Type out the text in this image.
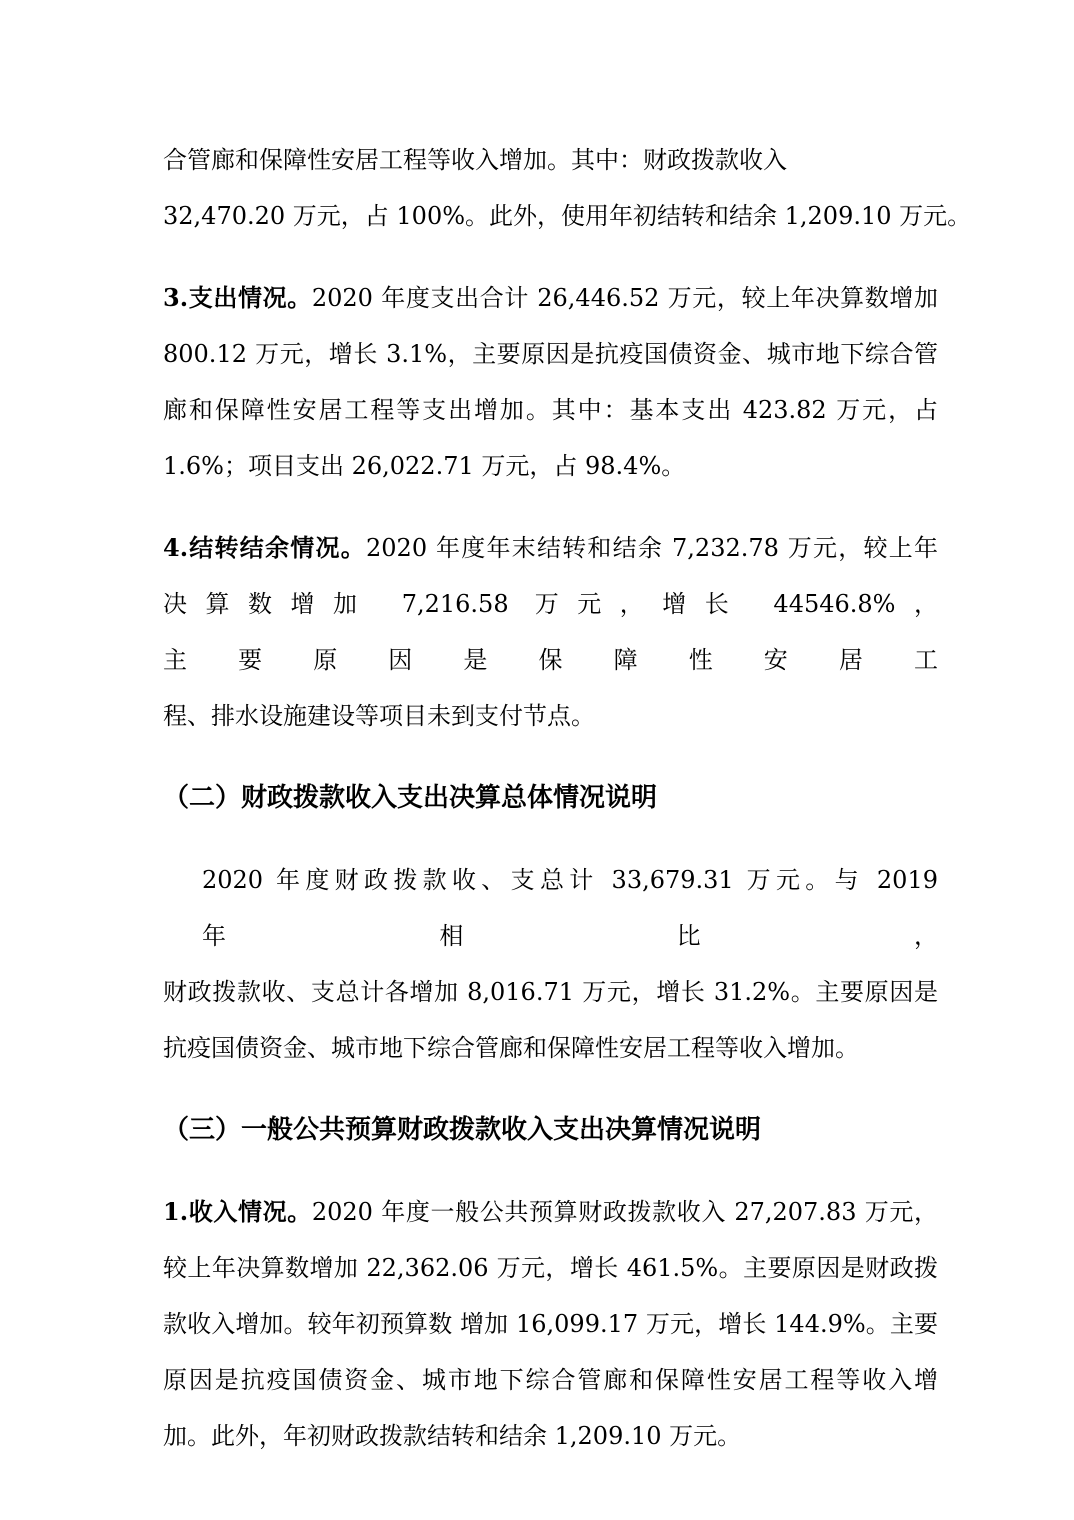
合管廊和保障性安居工程等收入增加。其中：财政拨款收入
32,470.20 万元，占 100%。此外，使用年初结转和结余 1,209.10 万元。
3.支出情况。2020 年度支出合计 26,446.52 万元，较上年决算数增加
800.12 万元，增长 3.1%，主要原因是抗疫国债资金、城市地下综合管
廊和保障性安居工程等支出增加。其中：基本支出 423.82 万元，占
1.6%；项目支出 26,022.71 万元，占 98.4%。
4.结转结余情况。2020 年度年末结转和结余 7,232.78 万元，较上年
决算数增加 7,216.58 万元，增长 44546.8%，主要原因是保障性安居工
程、排水设施建设等项目未到支付节点。
（二）财政拨款收入支出决算总体情况说明
2020 年度财政拨款收、支总计 33,679.31 万元。与 2019 年相比，
财政拨款收、支总计各增加 8,016.71 万元，增长 31.2%。主要原因是
抗疫国债资金、城市地下综合管廊和保障性安居工程等收入增加。
（三）一般公共预算财政拨款收入支出决算情况说明
1.收入情况。2020 年度一般公共预算财政拨款收入 27,207.83 万元，
较上年决算数增加 22,362.06 万元，增长 461.5%。主要原因是财政拨
款收入增加。较年初预算数 增加 16,099.17 万元，增长 144.9%。主要
原因是抗疫国债资金、城市地下综合管廊和保障性安居工程等收入增
加。此外，年初财政拨款结转和结余 1,209.10 万元。
